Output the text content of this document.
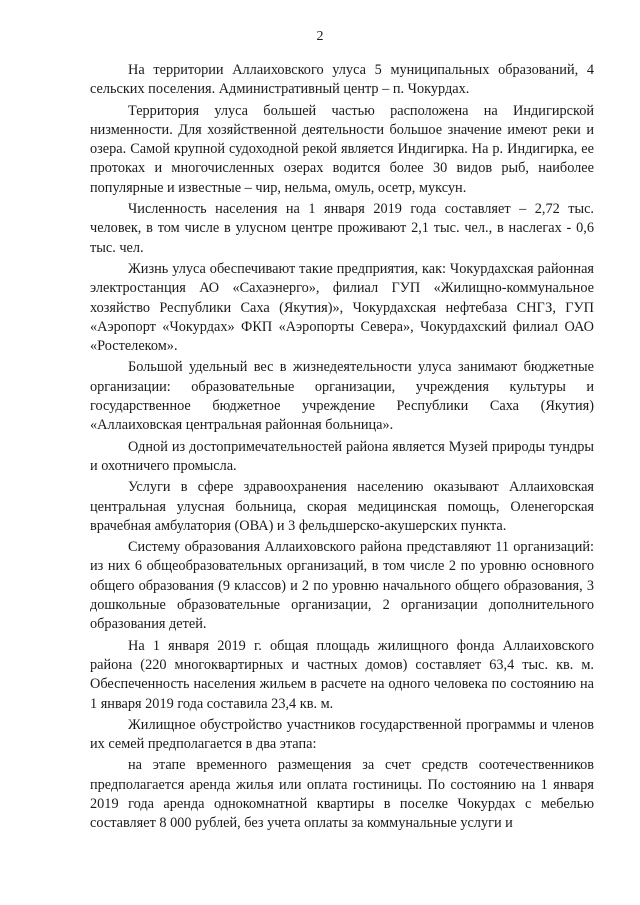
2

На территории Аллаиховского улуса 5 муниципальных образований, 4 сельских поселения. Административный центр – п. Чокурдах.

Территория улуса большей частью расположена на Индигирской низменности. Для хозяйственной деятельности большое значение имеют реки и озера. Самой крупной судоходной рекой является Индигирка. На р. Индигирка, ее протоках и многочисленных озерах водится более 30 видов рыб, наиболее популярные и известные – чир, нельма, омуль, осетр, муксун.

Численность населения на 1 января 2019 года составляет – 2,72 тыс. человек, в том числе в улусном центре проживают 2,1 тыс. чел., в наслегах - 0,6 тыс. чел.

Жизнь улуса обеспечивают такие предприятия, как: Чокурдахская районная электростанция АО «Сахаэнерго», филиал ГУП «Жилищно-коммунальное хозяйство Республики Саха (Якутия)», Чокурдахская нефтебаза СНГЗ, ГУП «Аэропорт «Чокурдах» ФКП «Аэропорты Севера», Чокурдахский филиал ОАО «Ростелеком».

Большой удельный вес в жизнедеятельности улуса занимают бюджетные организации: образовательные организации, учреждения культуры и государственное бюджетное учреждение Республики Саха (Якутия) «Аллаиховская центральная районная больница».

Одной из достопримечательностей района является Музей природы тундры и охотничего промысла.

Услуги в сфере здравоохранения населению оказывают Аллаиховская центральная улусная больница, скорая медицинская помощь, Оленегорская врачебная амбулатория (ОВА) и 3 фельдшерско-акушерских пункта.

Систему образования Аллаиховского района представляют 11 организаций: из них 6 общеобразовательных организаций, в том числе 2 по уровню основного общего образования (9 классов) и 2 по уровню начального общего образования, 3 дошкольные образовательные организации, 2 организации дополнительного образования детей.

На 1 января 2019 г. общая площадь жилищного фонда Аллаиховского района (220 многоквартирных и частных домов) составляет 63,4 тыс. кв. м. Обеспеченность населения жильем в расчете на одного человека по состоянию на 1 января 2019 года составила 23,4 кв. м.

Жилищное обустройство участников государственной программы и членов их семей предполагается в два этапа:

на этапе временного размещения за счет средств соотечественников предполагается аренда жилья или оплата гостиницы. По состоянию на 1 января 2019 года аренда однокомнатной квартиры в поселке Чокурдах с мебелью составляет 8 000 рублей, без учета оплаты за коммунальные услуги и
